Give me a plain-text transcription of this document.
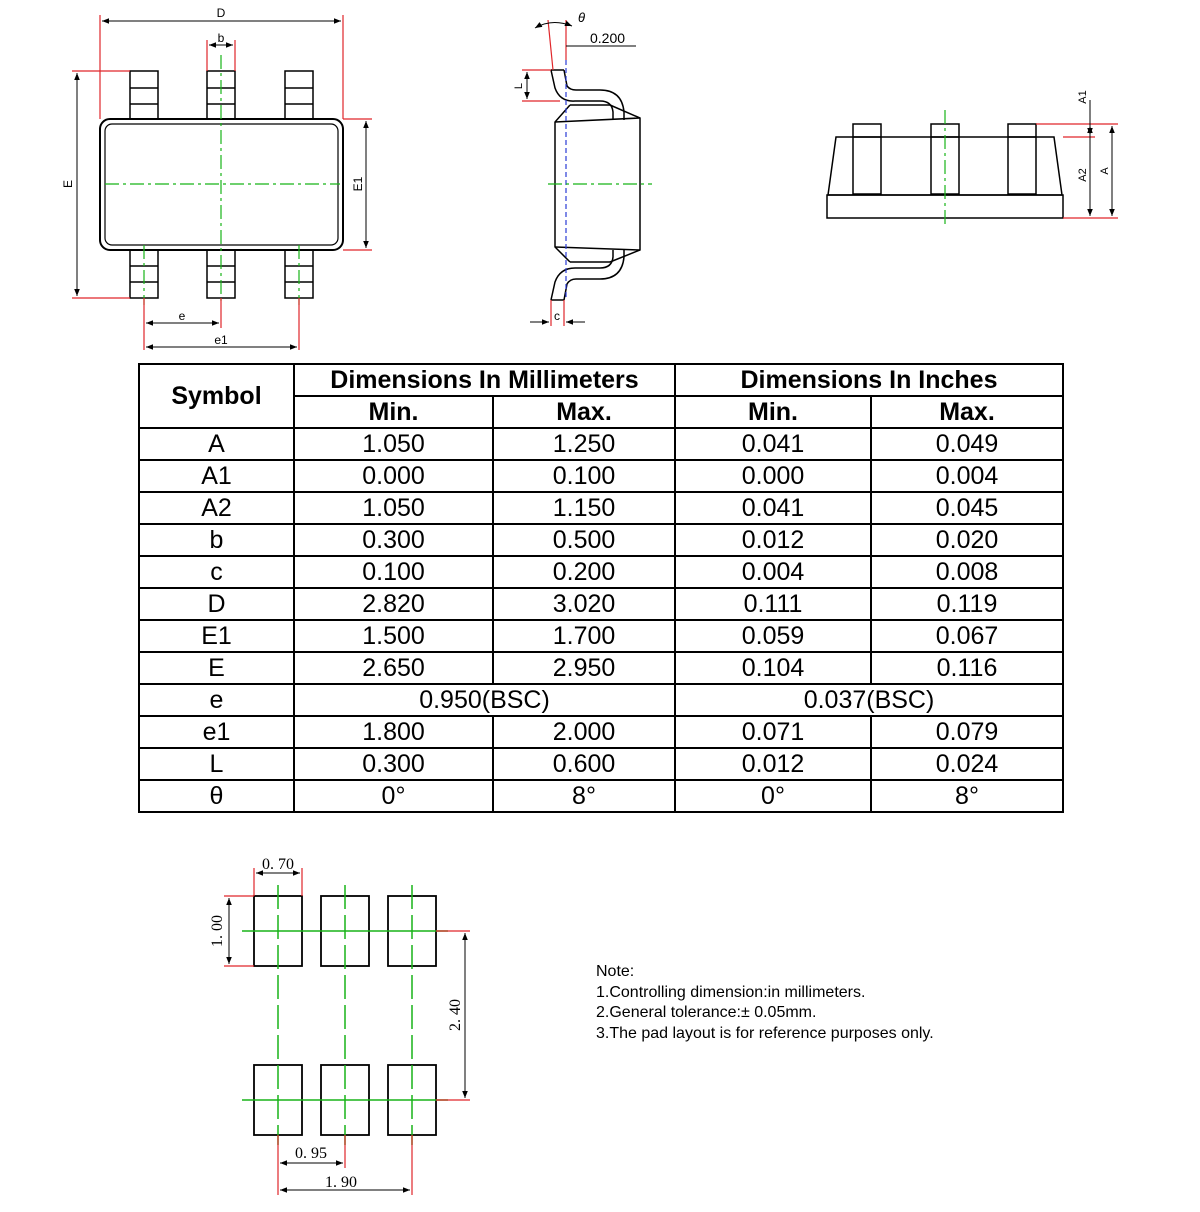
D
b
E	E1
e
e1
θ
0.200
L
c
A1
A2 A
0. 70
1. 00
2. 40
0. 95
1. 90
Symbol	Dimensions In Millimeters		Dimensions In Inches	
	Min.	Max.	Min.	Max.
A	1.050	1.250	0.041	0.049
A1	0.000	0.100	0.000	0.004
A2	1.050	1.150	0.041	0.045
b	0.300	0.500	0.012	0.020
c	0.100	0.200	0.004	0.008
D	2.820	3.020	0.111	0.119
E1	1.500	1.700	0.059	0.067
E	2.650	2.950	0.104	0.116
e	0.950(BSC)		0.037(BSC)	
e1	1.800	2.000	0.071	0.079
L	0.300	0.600	0.012	0.024
θ	0°	8°	0°	8°
Note:
1.Controlling dimension:in millimeters.
2.General tolerance:± 0.05mm.
3.The pad layout is for reference purposes only.
